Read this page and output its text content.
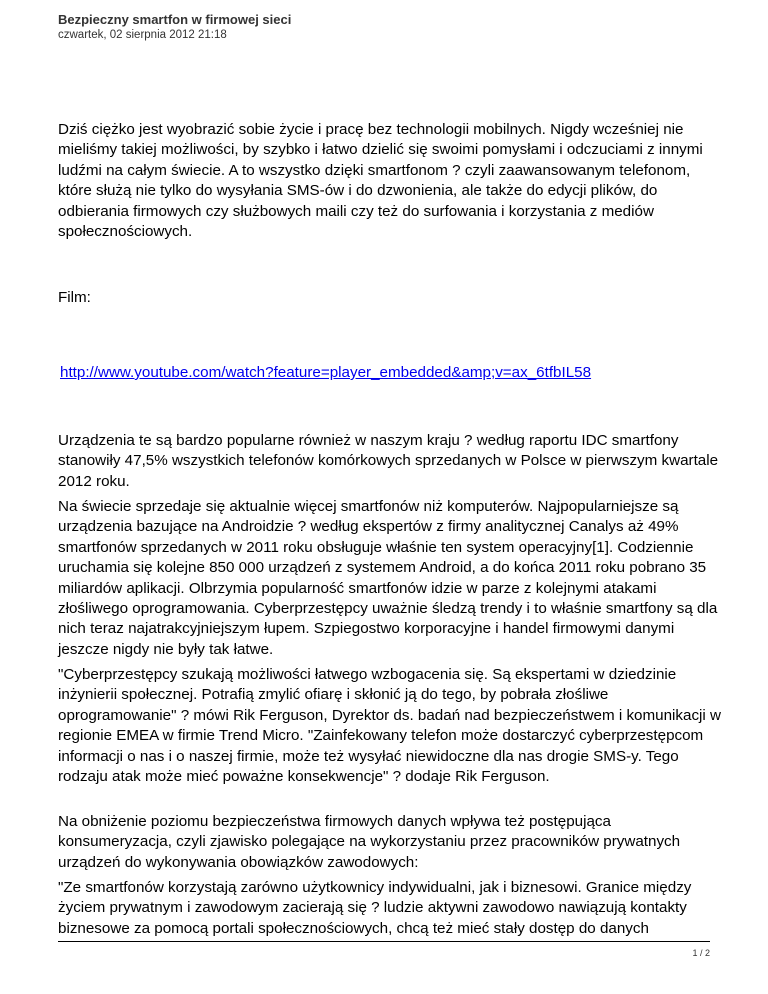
Bezpieczny smartfon w firmowej sieci
czwartek, 02 sierpnia 2012 21:18

Dziś ciężko jest wyobrazić sobie życie i pracę bez technologii mobilnych. Nigdy wcześniej nie mieliśmy takiej możliwości, by szybko i łatwo dzielić się swoimi pomysłami i odczuciami z innymi ludźmi na całym świecie. A to wszystko dzięki smartfonom ? czyli zaawansowanym telefonom, które służą nie tylko do wysyłania SMS-ów i do dzwonienia, ale także do edycji plików, do odbierania firmowych czy służbowych maili czy też do surfowania i korzystania z mediów społecznościowych.

Film:

http://www.youtube.com/watch?feature=player_embedded&amp;v=ax_6tfbIL58

Urządzenia te są bardzo popularne również w naszym kraju ? według raportu IDC smartfony stanowiły 47,5% wszystkich telefonów komórkowych sprzedanych w Polsce w pierwszym kwartale 2012 roku.

Na świecie sprzedaje się aktualnie więcej smartfonów niż komputerów. Najpopularniejsze są urządzenia bazujące na Androidzie ? według ekspertów z firmy analitycznej Canalys aż 49% smartfonów sprzedanych w 2011 roku obsługuje właśnie ten system operacyjny[1]. Codziennie uruchamia się kolejne 850 000 urządzeń z systemem Android, a do końca 2011 roku pobrano 35 miliardów aplikacji. Olbrzymia popularność smartfonów idzie w parze z kolejnymi atakami złośliwego oprogramowania. Cyberprzestępcy uważnie śledzą trendy i to właśnie smartfony są dla nich teraz najatrakcyjniejszym łupem. Szpiegostwo korporacyjne i handel firmowymi danymi jeszcze nigdy nie były tak łatwe.

"Cyberprzestępcy szukają możliwości łatwego wzbogacenia się. Są ekspertami w dziedzinie inżynierii społecznej. Potrafią zmylić ofiarę i skłonić ją do tego, by pobrała złośliwe oprogramowanie" ? mówi Rik Ferguson, Dyrektor ds. badań nad bezpieczeństwem i komunikacji w regionie EMEA w firmie Trend Micro. "Zainfekowany telefon może dostarczyć cyberprzestępcom informacji o nas i o naszej firmie, może też wysyłać niewidoczne dla nas drogie SMS-y. Tego rodzaju atak może mieć poważne konsekwencje" ? dodaje Rik Ferguson.

Na obniżenie poziomu bezpieczeństwa firmowych danych wpływa też postępująca konsumeryzacja, czyli zjawisko polegające na wykorzystaniu przez pracowników prywatnych urządzeń do wykonywania obowiązków zawodowych:

"Ze smartfonów korzystają zarówno użytkownicy indywidualni, jak i biznesowi. Granice między życiem prywatnym i zawodowym zacierają się ? ludzie aktywni zawodowo nawiązują kontakty biznesowe za pomocą portali społecznościowych, chcą też mieć stały dostęp do danych

1 / 2
